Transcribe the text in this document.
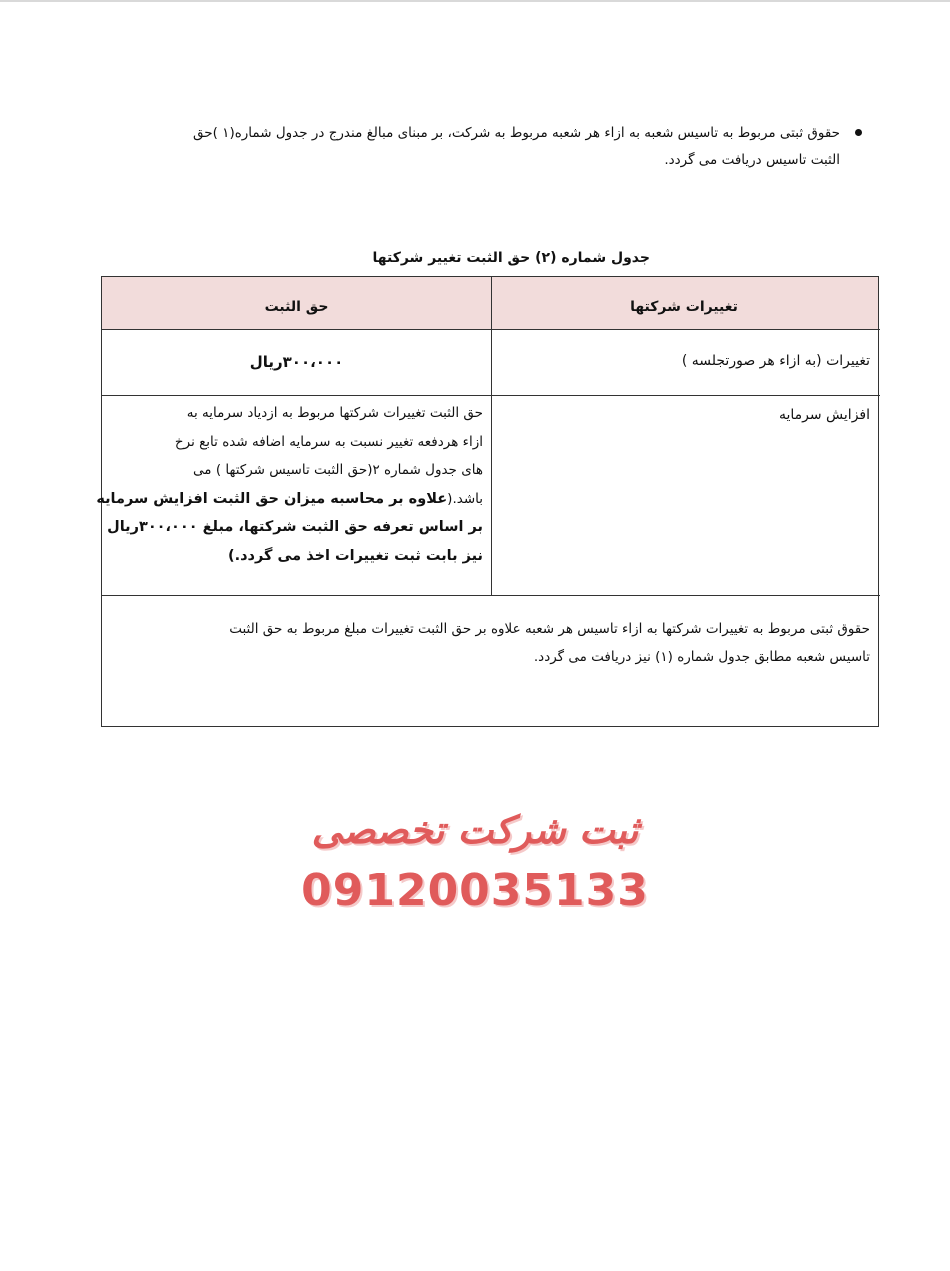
حقوق ثبتی مربوط به تاسیس شعبه به ازاء هر شعبه مربوط به شرکت، بر مبنای مبالغ مندرج در جدول شماره(۱ )حق
الثبت تاسیس دریافت می گردد.
جدول شماره (۲) حق الثبت تغییر شرکتها
تغییرات شرکتها
حق الثبت
تغییرات (به ازاء هر صورتجلسه )
۳۰۰،۰۰۰ریال
افزایش سرمایه
حق الثبت تغییرات شرکتها مربوط به ازدیاد سرمایه به
ازاء هردفعه تغییر نسبت به سرمایه اضافه شده تابع نرخ
های جدول شماره ۲(حق الثبت تاسیس شرکتها ) می
باشد.(علاوه بر محاسبه میزان حق الثبت افزایش سرمایه
بر اساس تعرفه حق الثبت شرکتها، مبلغ ۳۰۰،۰۰۰ریال
نیز بابت ثبت تغییرات اخذ می گردد.)
حقوق ثبتی مربوط به تغییرات شرکتها به ازاء تاسیس هر شعبه علاوه بر حق الثبت تغییرات مبلغ مربوط به حق الثبت
تاسیس شعبه مطابق جدول شماره (۱) نیز دریافت می گردد.
ثبت شرکت تخصصی
09120035133
